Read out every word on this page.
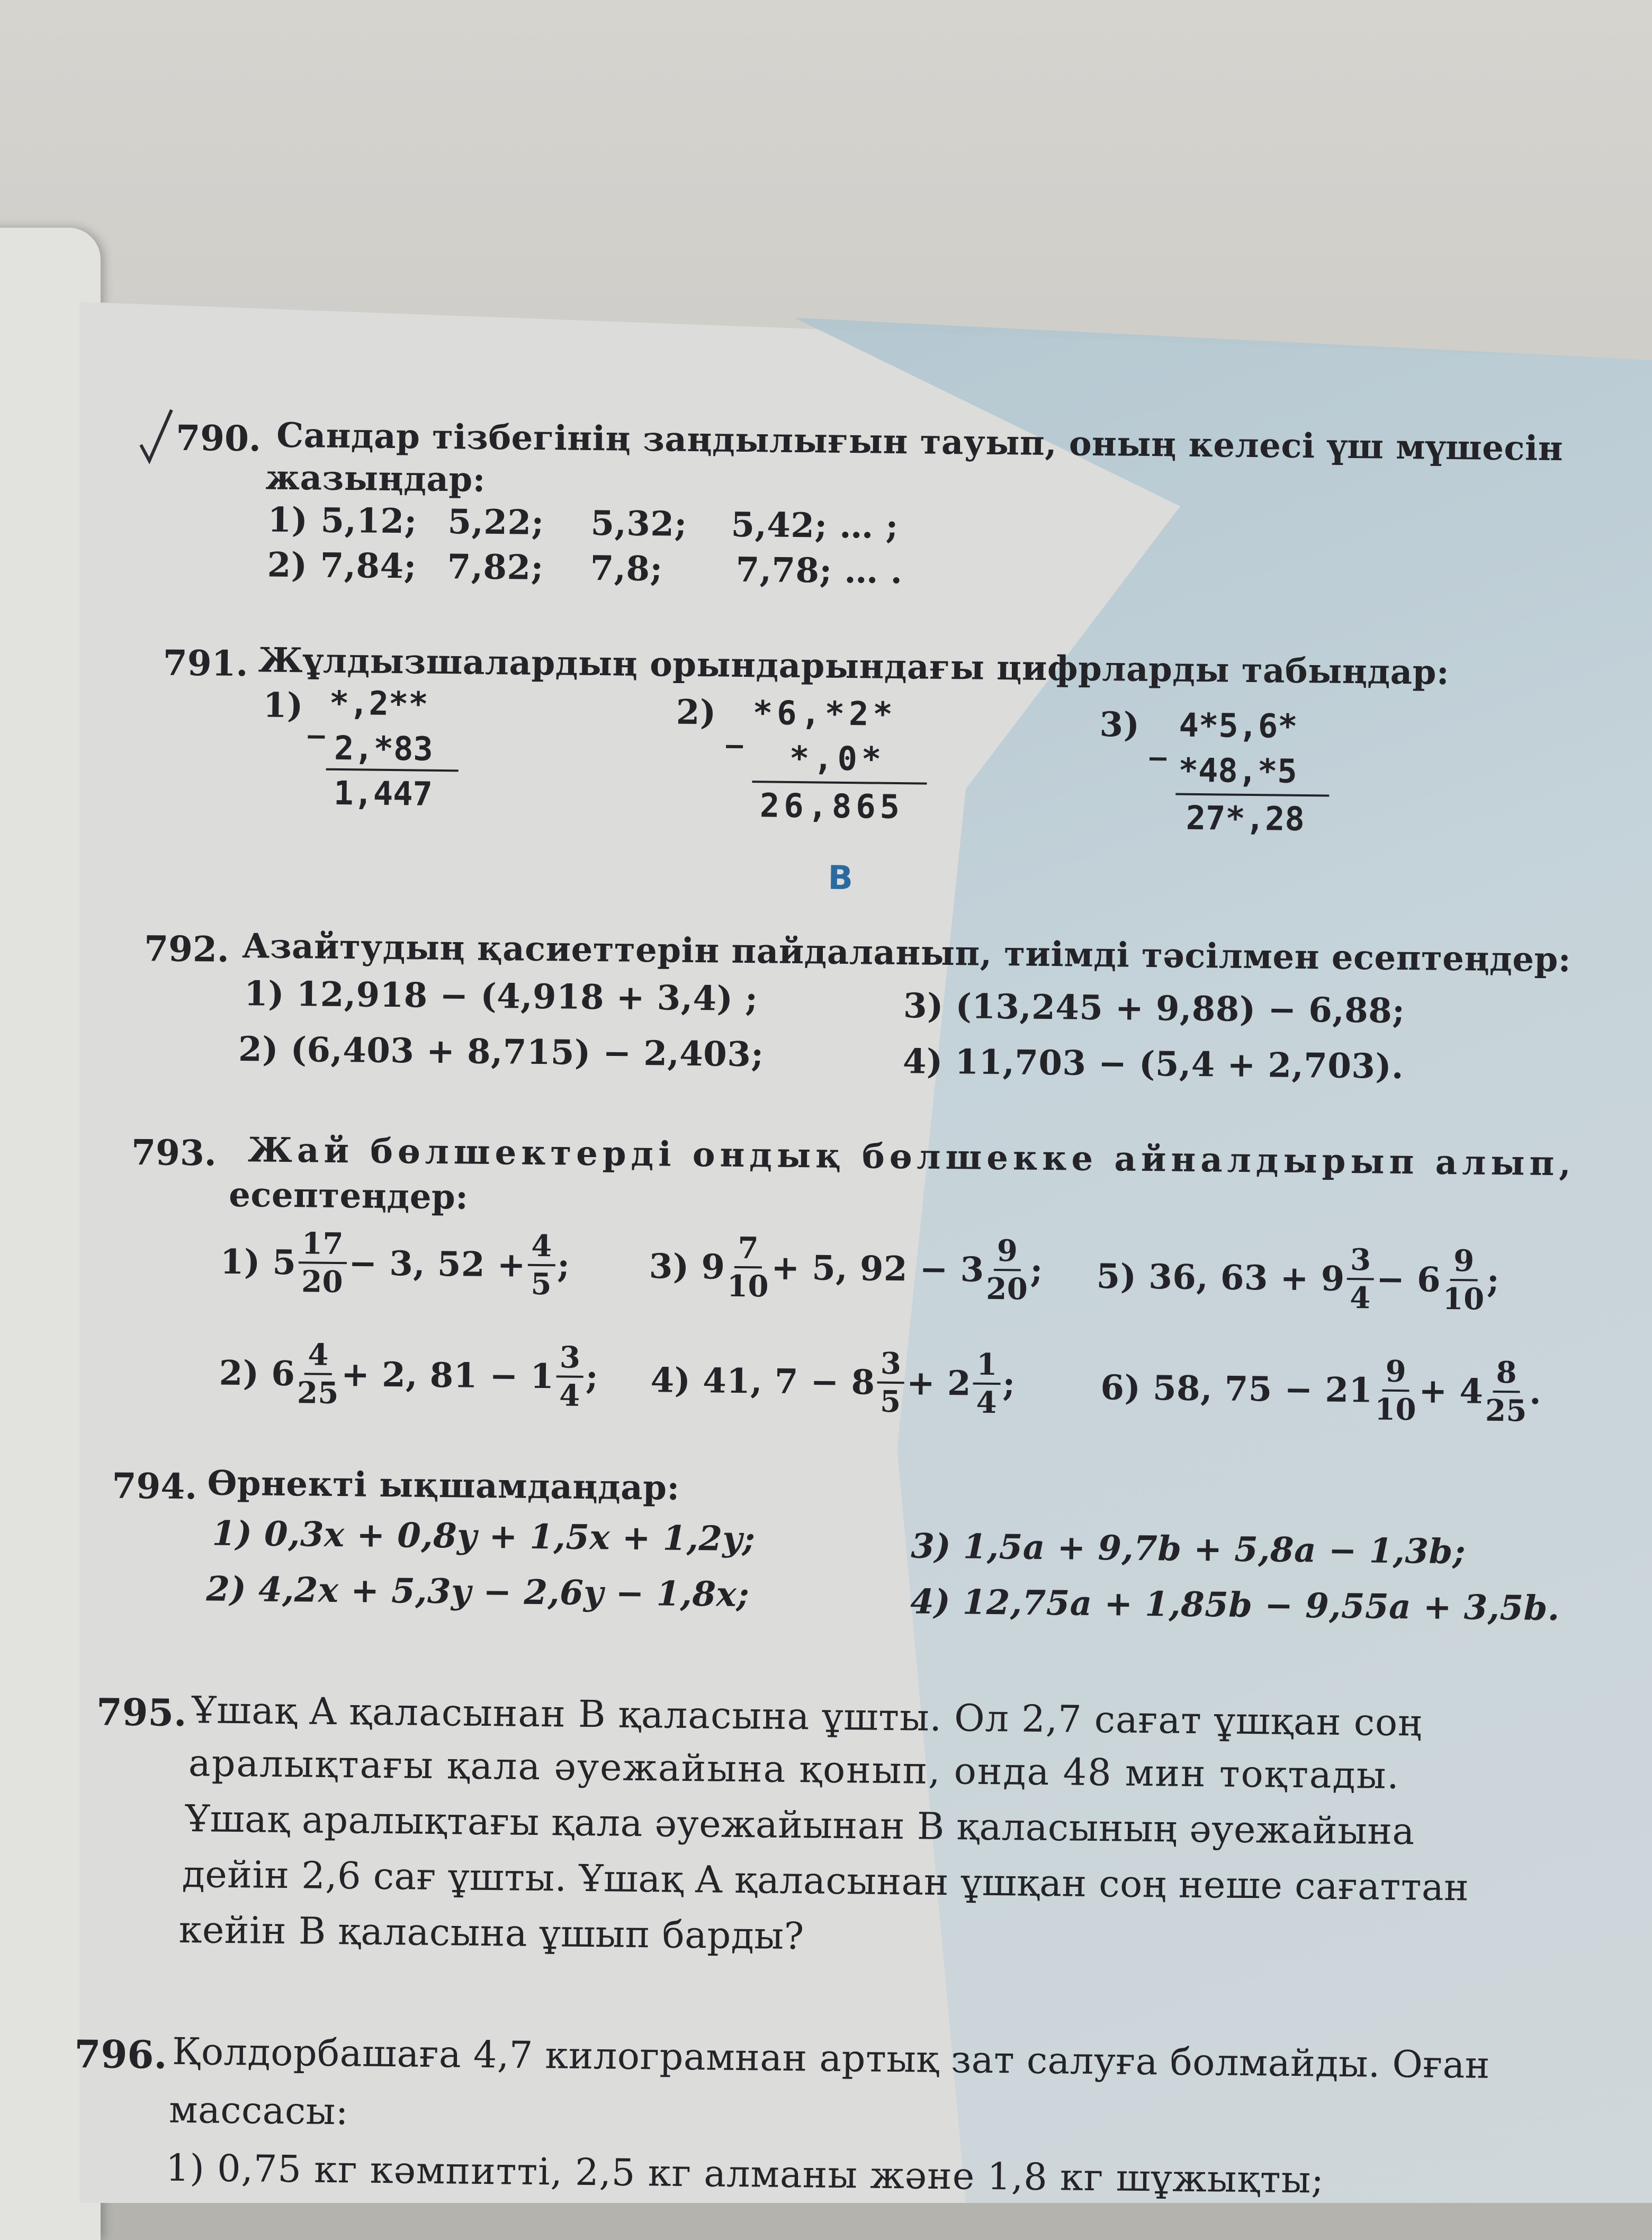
790. Сандар тізбегінің заңдылығын тауып, оның келесі үш мүшесін
жазыңдар:
1) 5,12; 5,22; 5,32; 5,42; … ;
2) 7,84; 7,82; 7,8; 7,78; … .
791. Жұлдызшалардың орындарындағы цифрларды табыңдар:
1) _ *,2**
2,*83
1,447
2) _ *6,*2*
*,0*
26,865
3) _ 4*5,6*
*48,*5
27*,28
В
792. Азайтудың қасиеттерін пайдаланып, тиімді тәсілмен есептеңдер:
1) 12,918 − (4,918 + 3,4) ;	3) (13,245 + 9,88) − 6,88;
2) (6,403 + 8,715) − 2,403;	4) 11,703 − (5,4 + 2,703).
793. Жай бөлшектерді ондық бөлшекке айналдырып алып,
есептеңдер:
1)
$5 \frac{17}{20} - 3$, $52 + \frac{4}{5}$ ; 3)
$9 \frac{7}{10} + 5$, $92 - 3 \frac{9}{20}$ ; 5)
36, $63 + 9 \frac{3}{4} - 6 \frac{9}{10}$ ;
2)
$6 \frac{4}{25} + 2$, $81 - 1 \frac{3}{4}$ ; 4)
41, $7 - 8 \frac{3}{5} + 2 \frac{1}{4}$ ;	6)
58, $75 - 21 \frac{9}{10} + 4 \frac{8}{25}$ .
794. Өрнекті ықшамдаңдар:
1) 0,3x + 0,8y + 1,5x + 1,2y;	3) 1,5a + 9,7b + 5,8a − 1,3b;
2) 4,2x + 5,3y − 2,6y − 1,8x;	4) 12,75a + 1,85b − 9,55a + 3,5b.
795. Ұшақ A қаласынан B қаласына ұшты. Ол 2,7 сағат ұшқан соң
аралықтағы қала әуежайына қонып, онда 48 мин тоқтады.
Ұшақ аралықтағы қала әуежайынан B қаласының әуежайына
дейін 2,6 сағ ұшты. Ұшақ A қаласынан ұшқан соң неше сағаттан
кейін B қаласына ұшып барды?
796. Қолдорбашаға 4,7 килограмнан артық зат салуға болмайды. Оған
массасы:
1) 0,75 кг кәмпитті, 2,5 кг алманы және 1,8 кг шұжықты;
